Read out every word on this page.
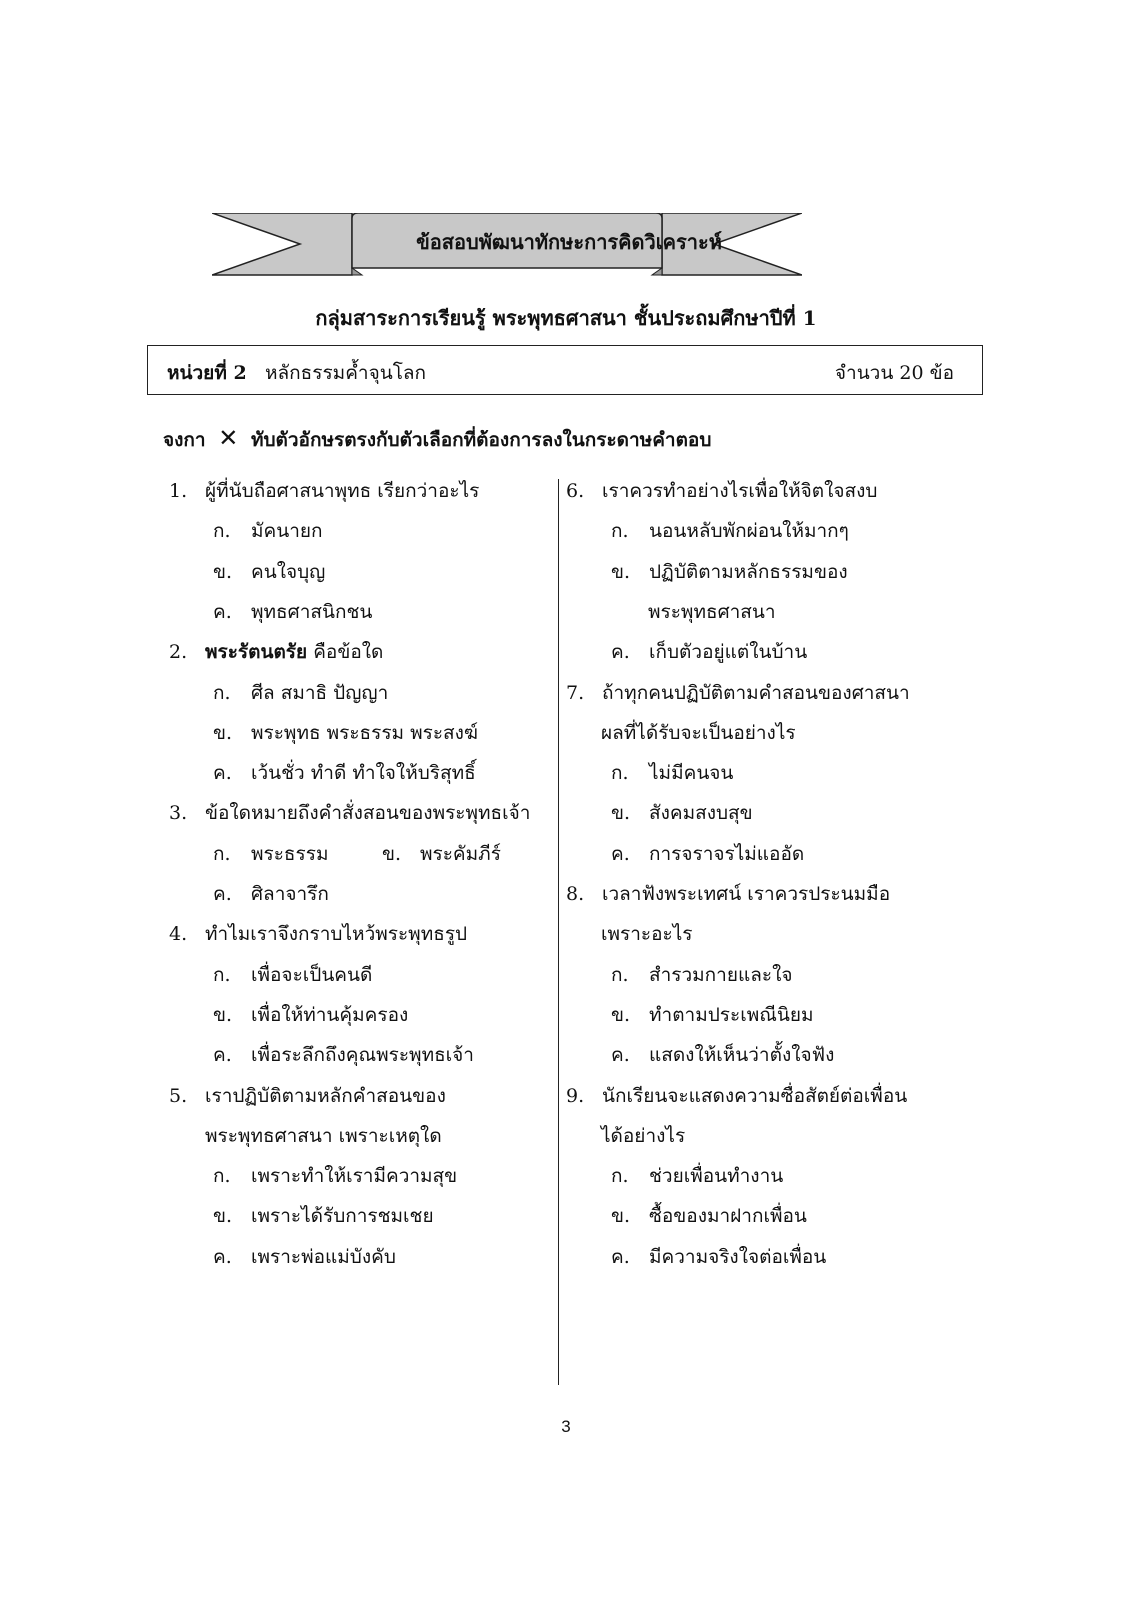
ข้อสอบพัฒนาทักษะการคิดวิเคราะห์
กลุ่มสาระการเรียนรู้ พระพุทธศาสนา ชั้นประถมศึกษาปีที่ 1
หน่วยที่ 2 หลักธรรมค้ำจุนโลก	จำนวน 20 ข้อ
จงกา ✕ ทับตัวอักษรตรงกับตัวเลือกที่ต้องการลงในกระดาษคำตอบ
1. ผู้ที่นับถือศาสนาพุทธ เรียกว่าอะไร
ก. มัคนายก
ข. คนใจบุญ
ค. พุทธศาสนิกชน
2. พระรัตนตรัย คือข้อใด
ก. ศีล สมาธิ ปัญญา
ข. พระพุทธ พระธรรม พระสงฆ์
ค. เว้นชั่ว ทำดี ทำใจให้บริสุทธิ์
3. ข้อใดหมายถึงคำสั่งสอนของพระพุทธเจ้า
ก. พระธรรม	ข. พระคัมภีร์
ค. ศิลาจารึก
4. ทำไมเราจึงกราบไหว้พระพุทธรูป
ก. เพื่อจะเป็นคนดี
ข. เพื่อให้ท่านคุ้มครอง
ค. เพื่อระลึกถึงคุณพระพุทธเจ้า
5. เราปฏิบัติตามหลักคำสอนของ
พระพุทธศาสนา เพราะเหตุใด
ก. เพราะทำให้เรามีความสุข
ข. เพราะได้รับการชมเชย
ค. เพราะพ่อแม่บังคับ
6. เราควรทำอย่างไรเพื่อให้จิตใจสงบ
ก. นอนหลับพักผ่อนให้มากๆ
ข. ปฏิบัติตามหลักธรรมของ
พระพุทธศาสนา
ค. เก็บตัวอยู่แต่ในบ้าน
7. ถ้าทุกคนปฏิบัติตามคำสอนของศาสนา
ผลที่ได้รับจะเป็นอย่างไร
ก. ไม่มีคนจน
ข. สังคมสงบสุข
ค. การจราจรไม่แออัด
8. เวลาฟังพระเทศน์ เราควรประนมมือ
เพราะอะไร
ก. สำรวมกายและใจ
ข. ทำตามประเพณีนิยม
ค. แสดงให้เห็นว่าตั้งใจฟัง
9. นักเรียนจะแสดงความซื่อสัตย์ต่อเพื่อน
ได้อย่างไร
ก. ช่วยเพื่อนทำงาน
ข. ซื้อของมาฝากเพื่อน
ค. มีความจริงใจต่อเพื่อน
3
